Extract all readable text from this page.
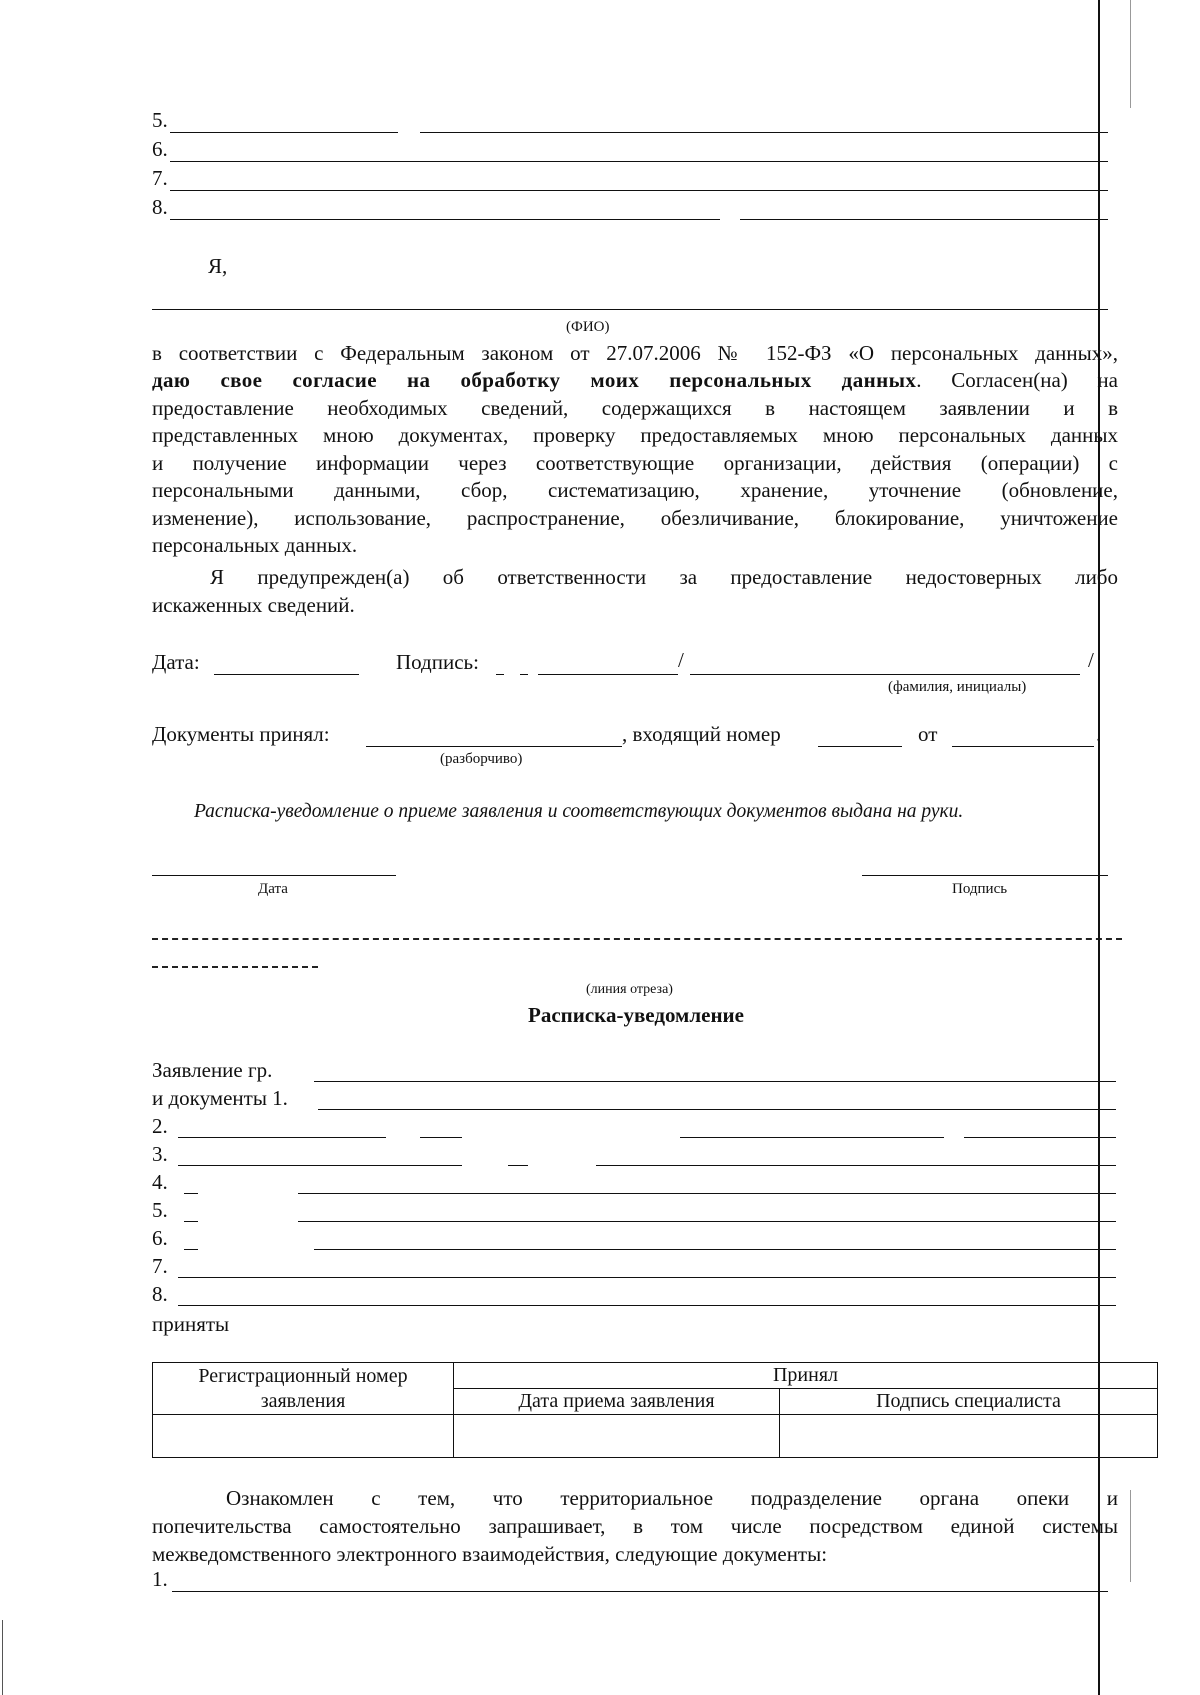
5.
6.
7.
8.
Я,
(ФИО)
в соответствии с Федеральным законом от 27.07.2006 № 152-ФЗ «О персональных данных»,
даю свое согласие на обработку моих персональных данных. Согласен(на) на
предоставление необходимых сведений, содержащихся в настоящем заявлении и в
представленных мною документах, проверку предоставляемых мною персональных данных
и получение информации через соответствующие организации, действия (операции) с
персональными данными, сбор, систематизацию, хранение, уточнение (обновление,
изменение), использование, распространение, обезличивание, блокирование, уничтожение
персональных данных.
Я предупрежден(а) об ответственности за предоставление недостоверных либо
искаженных сведений.
Дата:	Подпись:	/	/
(фамилия, инициалы)
Документы принял:	, входящий номер	от	.
(разборчиво)
Расписка-уведомление о приеме заявления и соответствующих документов выдана на руки.
Дата	Подпись
(линия отреза)
Расписка-уведомление
Заявление гр.
и документы 1.
2.
3.
4.
5.
6.
7.
8.
приняты
Регистрационный номер
заявления	Принял	
	Дата приема заявления	Подпись специалиста

Ознакомлен с тем, что территориальное подразделение органа опеки и
попечительства самостоятельно запрашивает, в том числе посредством единой системы
межведомственного электронного взаимодействия, следующие документы:
1.
